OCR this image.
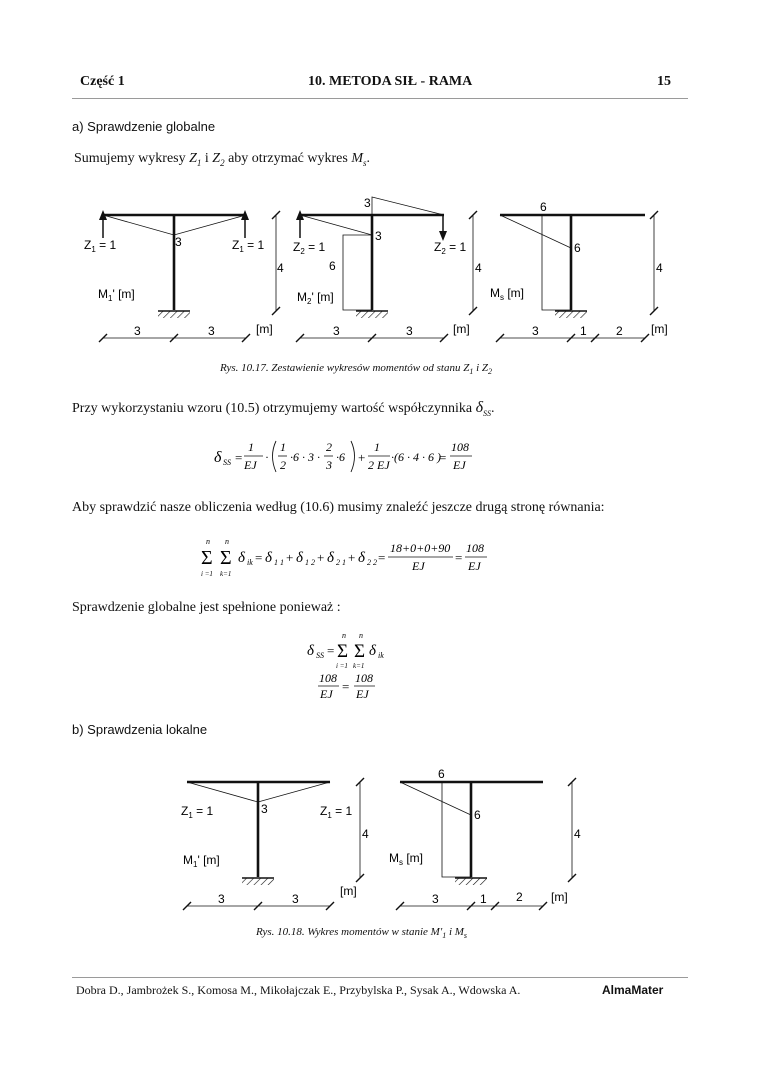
Część 1	10. METODA SIŁ - RAMA	15
a) Sprawdzenie globalne
Sumujemy wykresy $Z_1$ i $Z_2$ aby otrzymać wykres $M_s$.
$Z_1 = 1$	$Z_1 = 1$
3
$M_1'$ [m]
4
3	3	[m]
$Z_2 = 1$	$Z_2 = 1$
3
3
6
$M_2'$ [m]
4
3	3	[m]
6
6
$M_s$ [m]
4
3	1 2 [m]
Rys. 10.17. Zestawienie wykresów momentów od stanu $Z_1$ i $Z_2$
Przy wykorzystaniu wzoru (10.5) otrzymujemy wartość współczynnika $\delta_{SS}$.
δ SS =
1
EJ
·
1
2
·6 · 3 ·
2
3
·6 +
1
2 EJ
·(6 · 4 · 6 )
=
108
EJ
Aby sprawdzić nasze obliczenia według (10.6) musimy znaleźć jeszcze drugą stronę równania:
n
Σ
i =1
n
Σ
k=1
δ ik = δ 1 1 + δ 1 2 + δ 2 1 + δ 2 2 =
18+0+0+90
EJ
=
108
EJ
Sprawdzenie globalne jest spełnione ponieważ :
δ SS =
n
Σ
i =1
n
Σ
k=1
δ ik
108
EJ =
108
EJ
b) Sprawdzenia lokalne
$Z_1 = 1$	$Z_1 = 1$
3
$M_1'$ [m]
4
3	3
[m]
6
6
$M_s$ [m]
4
3	1 2 [m]
Rys. 10.18. Wykres momentów w stanie $M'_1$ i $M_s$
Dobra D., Jambrożek S., Komosa M., Mikołajczak E., Przybylska P., Sysak A., Wdowska A.	AlmaMater
